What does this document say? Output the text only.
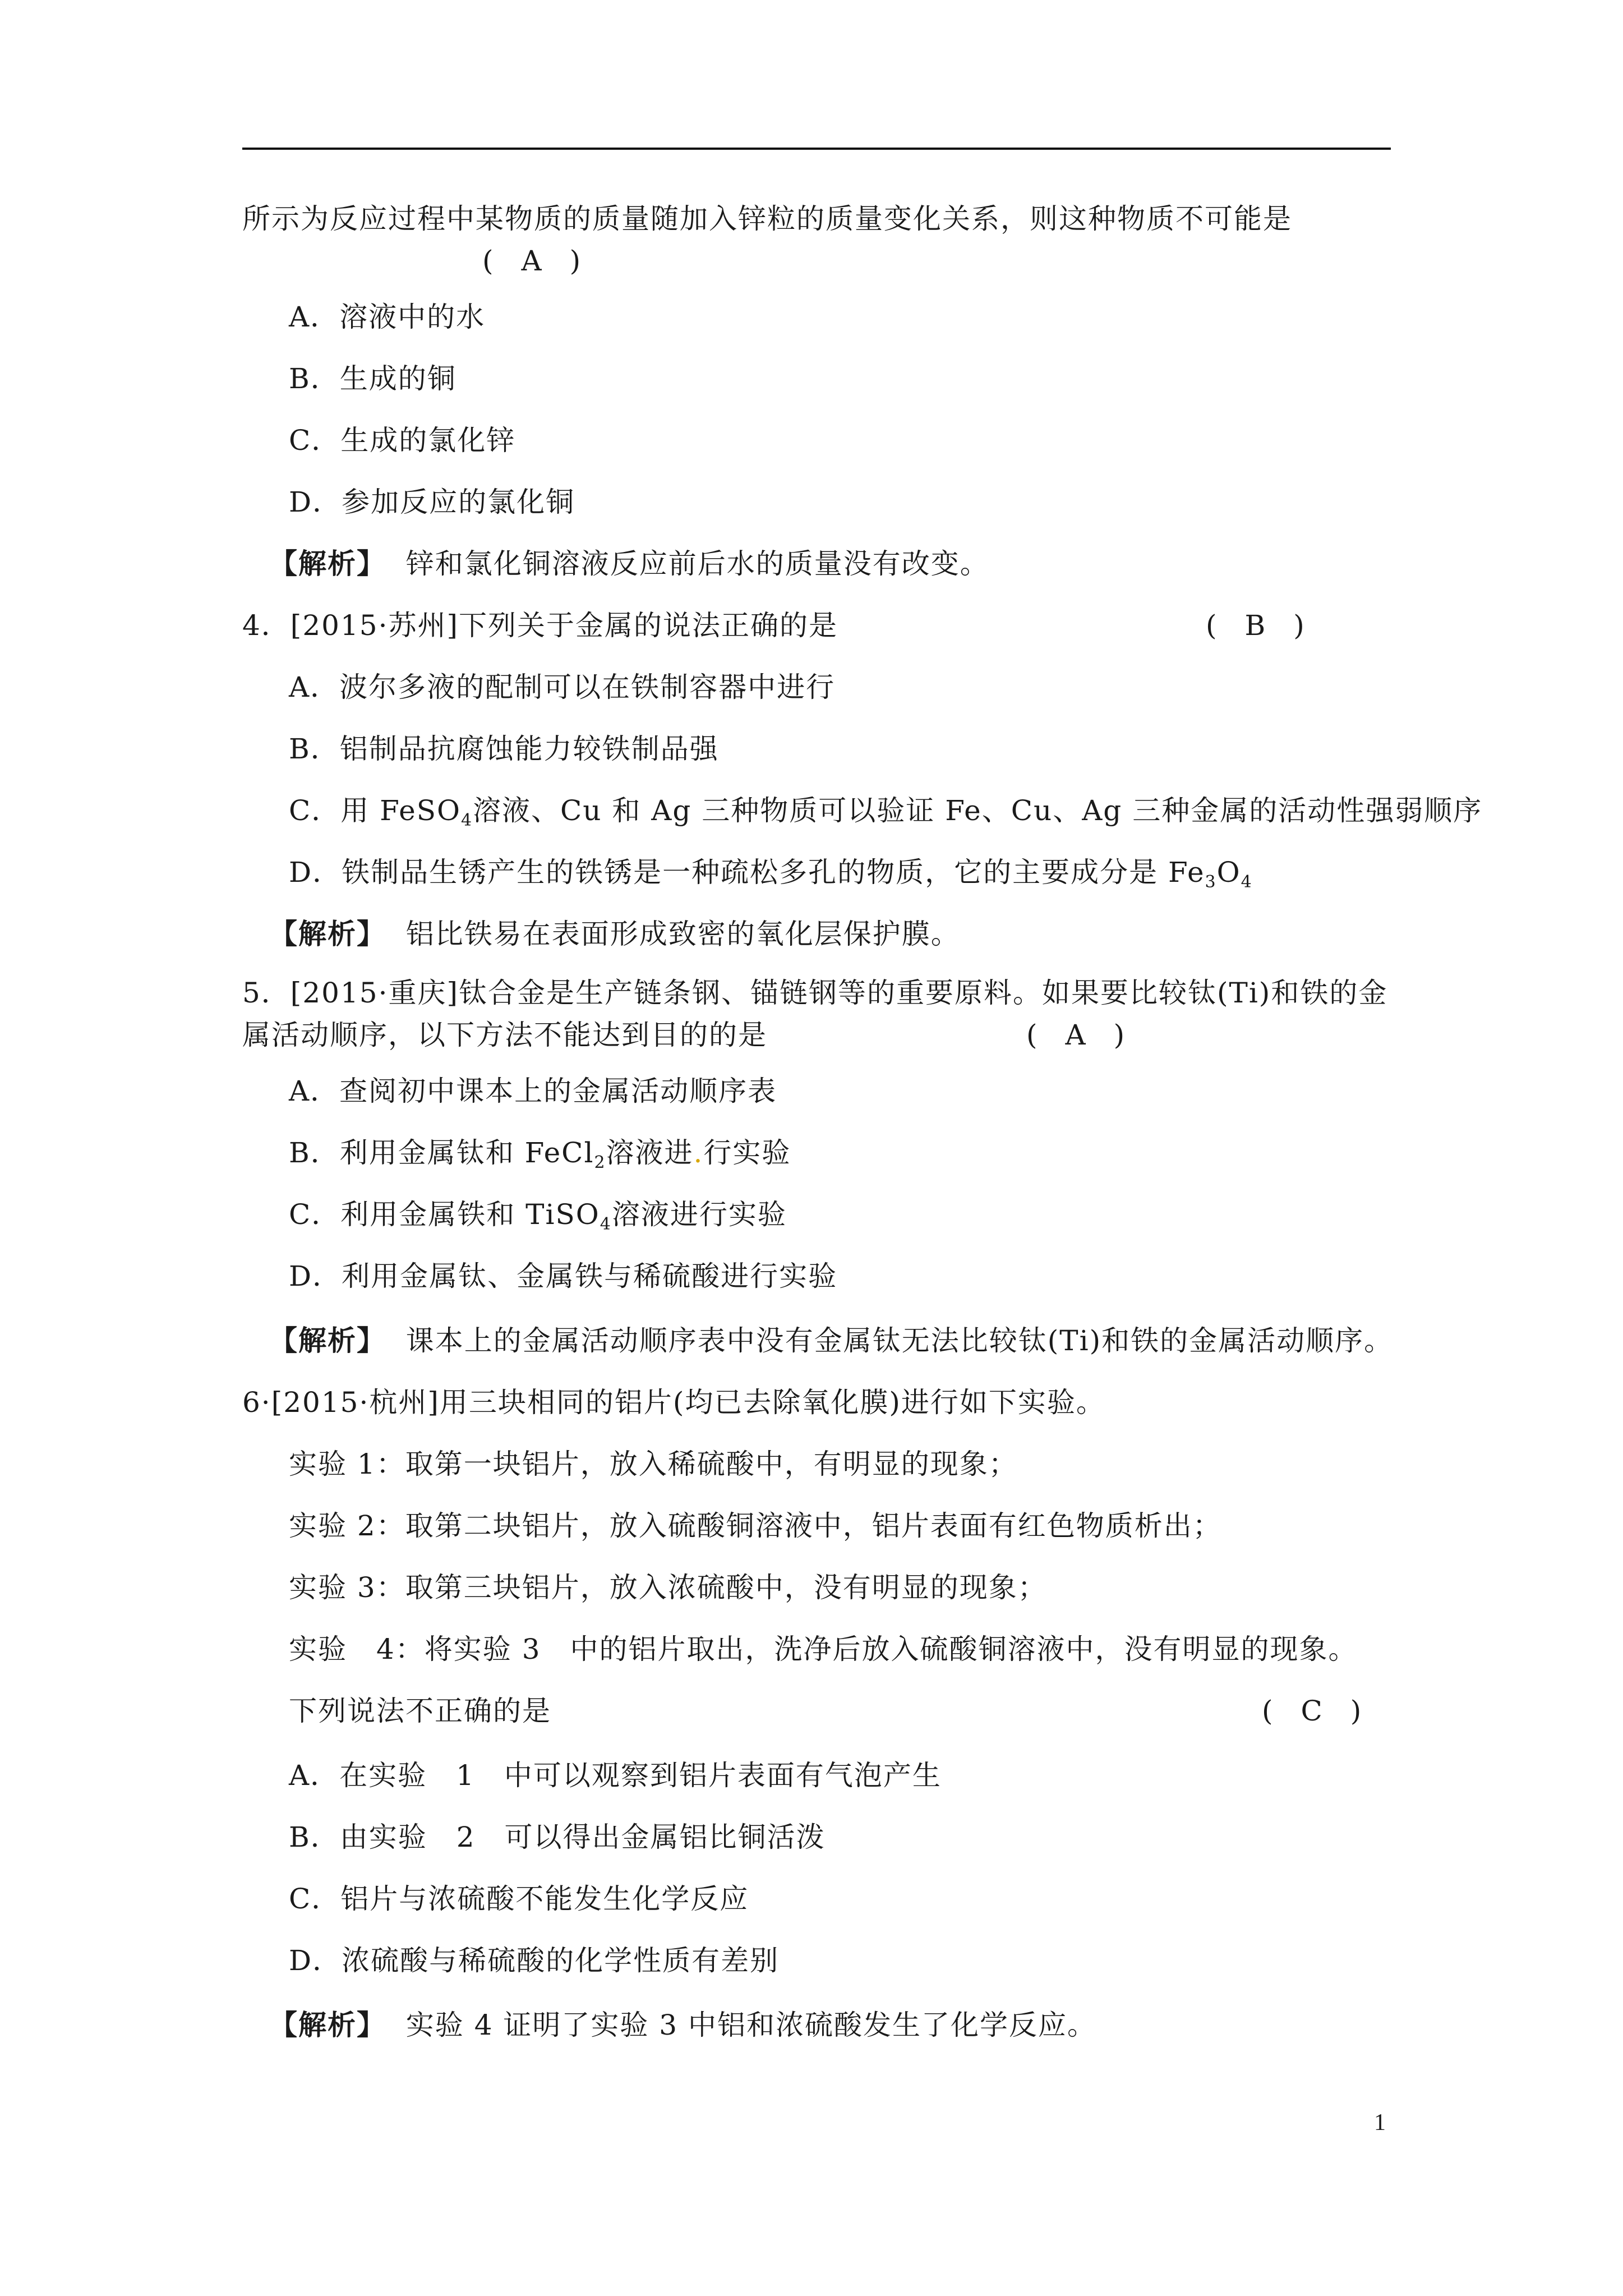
所示为反应过程中某物质的质量随加入锌粒的质量变化关系，则这种物质不可能是
(　A　)
A．溶液中的水
B．生成的铜
C．生成的氯化锌
D．参加反应的氯化铜
【解析】 锌和氯化铜溶液反应前后水的质量没有改变。
4．[2015·苏州]下列关于金属的说法正确的是	(　B　)
A．波尔多液的配制可以在铁制容器中进行
B．铝制品抗腐蚀能力较铁制品强
C．用 FeSO$_4$溶液、Cu 和 Ag 三种物质可以验证 Fe、Cu、Ag 三种金属的活动性强弱顺序
D．铁制品生锈产生的铁锈是一种疏松多孔的物质，它的主要成分是 $Fe_3O_4$
【解析】 铝比铁易在表面形成致密的氧化层保护膜。
5．[2015·重庆]钛合金是生产链条钢、锚链钢等的重要原料。如果要比较钛(Ti)和铁的金
属活动顺序，以下方法不能达到目的的是	(　A　)
A．查阅初中课本上的金属活动顺序表
B．利用金属钛和 FeCl$_2$溶液进.行实验
C．利用金属铁和 TiSO$_4$溶液进行实验
D．利用金属钛、金属铁与稀硫酸进行实验
【解析】 课本上的金属活动顺序表中没有金属钛无法比较钛(Ti)和铁的金属活动顺序。
6·[2015·杭州]用三块相同的铝片(均已去除氧化膜)进行如下实验。
实验 1：取第一块铝片，放入稀硫酸中，有明显的现象；
实验 2：取第二块铝片，放入硫酸铜溶液中，铝片表面有红色物质析出；
实验 3：取第三块铝片，放入浓硫酸中，没有明显的现象；
实验　4：将实验 3　中的铝片取出，洗净后放入硫酸铜溶液中，没有明显的现象。
下列说法不正确的是	(　C　)
A．在实验　1　中可以观察到铝片表面有气泡产生
B．由实验　2　可以得出金属铝比铜活泼
C．铝片与浓硫酸不能发生化学反应
D．浓硫酸与稀硫酸的化学性质有差别
【解析】 实验 4 证明了实验 3 中铝和浓硫酸发生了化学反应。
1
